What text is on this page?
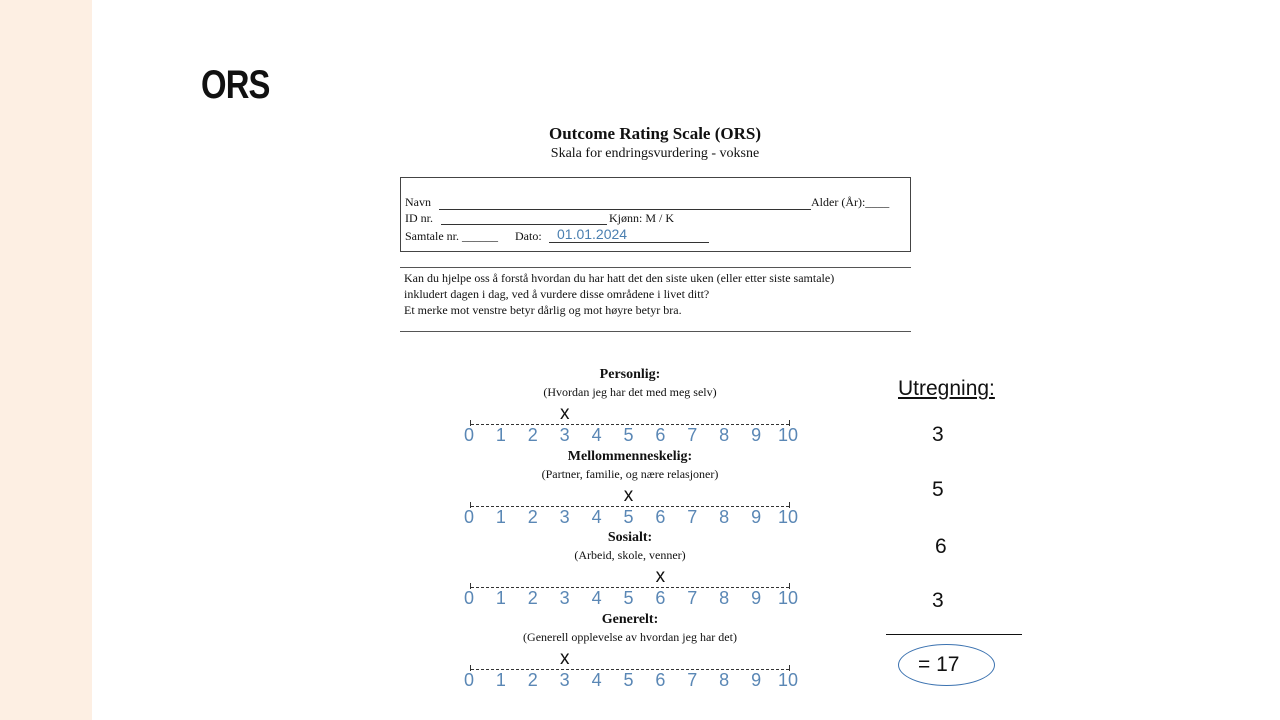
ORS
Outcome Rating Scale (ORS)
Skala for endringsvurdering - voksne
Navn	Alder (År):____
ID nr.	Kjønn: M / K
Samtale nr. ______ Dato: 01.01.2024
Kan du hjelpe oss å forstå hvordan du har hatt det den siste uken (eller etter siste samtale)
inkludert dagen i dag, ved å vurdere disse områdene i livet ditt?
Et merke mot venstre betyr dårlig og mot høyre betyr bra.
Personlig:
(Hvordan jeg har det med meg selv)
x
0 1 2 3 4 5 6 7 8 9 10
Mellommenneskelig:
(Partner, familie, og nære relasjoner)
x
0 1 2 3 4 5 6 7 8 9 10
Sosialt:
(Arbeid, skole, venner)
x
0 1 2 3 4 5 6 7 8 9 10
Generelt:
(Generell opplevelse av hvordan jeg har det)
x
0 1 2 3 4 5 6 7 8 9 10
Utregning:
3
5
6
3
= 17
